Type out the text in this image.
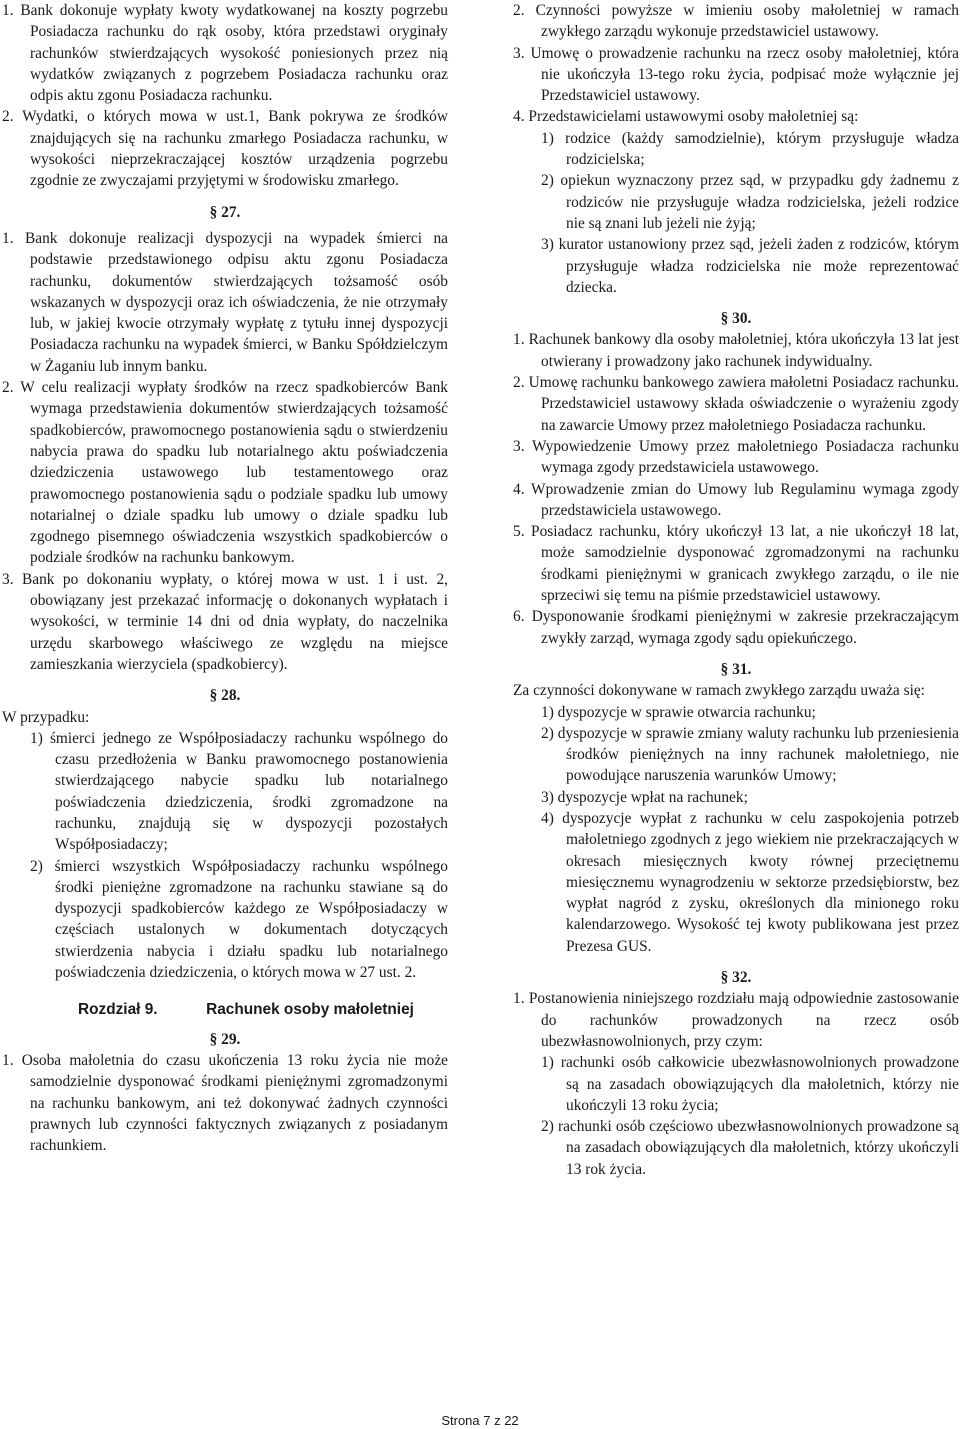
1. Bank dokonuje wypłaty kwoty wydatkowanej na koszty pogrzebu Posiadacza rachunku do rąk osoby, która przedstawi oryginały rachunków stwierdzających wysokość poniesionych przez nią wydatków związanych z pogrzebem Posiadacza rachunku oraz odpis aktu zgonu Posiadacza rachunku.

2. Wydatki, o których mowa w ust.1, Bank pokrywa ze środków znajdujących się na rachunku zmarłego Posiadacza rachunku, w wysokości nieprzekraczającej kosztów urządzenia pogrzebu zgodnie ze zwyczajami przyjętymi w środowisku zmarłego.

§ 27.

1. Bank dokonuje realizacji dyspozycji na wypadek śmierci na podstawie przedstawionego odpisu aktu zgonu Posiadacza rachunku, dokumentów stwierdzających tożsamość osób wskazanych w dyspozycji oraz ich oświadczenia, że nie otrzymały lub, w jakiej kwocie otrzymały wypłatę z tytułu innej dyspozycji Posiadacza rachunku na wypadek śmierci, w Banku Spółdzielczym w Żaganiu lub innym banku.

2. W celu realizacji wypłaty środków na rzecz spadkobierców Bank wymaga przedstawienia dokumentów stwierdzających tożsamość spadkobierców, prawomocnego postanowienia sądu o stwierdzeniu nabycia prawa do spadku lub notarialnego aktu poświadczenia dziedziczenia ustawowego lub testamentowego oraz prawomocnego postanowienia sądu o podziale spadku lub umowy notarialnej o dziale spadku lub umowy o dziale spadku lub zgodnego pisemnego oświadczenia wszystkich spadkobierców o podziale środków na rachunku bankowym.

3. Bank po dokonaniu wypłaty, o której mowa w ust. 1 i ust. 2, obowiązany jest przekazać informację o dokonanych wypłatach i wysokości, w terminie 14 dni od dnia wypłaty, do naczelnika urzędu skarbowego właściwego ze względu na miejsce zamieszkania wierzyciela (spadkobiercy).

§ 28.

W przypadku:

1) śmierci jednego ze Współposiadaczy rachunku wspólnego do czasu przedłożenia w Banku prawomocnego postanowienia stwierdzającego nabycie spadku lub notarialnego poświadczenia dziedziczenia, środki zgromadzone na rachunku, znajdują się w dyspozycji pozostałych Współposiadaczy;

2) śmierci wszystkich Współposiadaczy rachunku wspólnego środki pieniężne zgromadzone na rachunku stawiane są do dyspozycji spadkobierców każdego ze Współposiadaczy w częściach ustalonych w dokumentach dotyczących stwierdzenia nabycia i działu spadku lub notarialnego poświadczenia dziedziczenia, o których mowa w 27 ust. 2.

Rozdział 9.	Rachunek osoby małoletniej

§ 29.

1. Osoba małoletnia do czasu ukończenia 13 roku życia nie może samodzielnie dysponować środkami pieniężnymi zgromadzonymi na rachunku bankowym, ani też dokonywać żadnych czynności prawnych lub czynności faktycznych związanych z posiadanym rachunkiem.

2. Czynności powyższe w imieniu osoby małoletniej w ramach zwykłego zarządu wykonuje przedstawiciel ustawowy.

3. Umowę o prowadzenie rachunku na rzecz osoby małoletniej, która nie ukończyła 13-tego roku życia, podpisać może wyłącznie jej Przedstawiciel ustawowy.

4. Przedstawicielami ustawowymi osoby małoletniej są:

1) rodzice (każdy samodzielnie), którym przysługuje władza rodzicielska;

2) opiekun wyznaczony przez sąd, w przypadku gdy żadnemu z rodziców nie przysługuje władza rodzicielska, jeżeli rodzice nie są znani lub jeżeli nie żyją;

3) kurator ustanowiony przez sąd, jeżeli żaden z rodziców, którym przysługuje władza rodzicielska nie może reprezentować dziecka.

§ 30.

1. Rachunek bankowy dla osoby małoletniej, która ukończyła 13 lat jest otwierany i prowadzony jako rachunek indywidualny.

2. Umowę rachunku bankowego zawiera małoletni Posiadacz rachunku. Przedstawiciel ustawowy składa oświadczenie o wyrażeniu zgody na zawarcie Umowy przez małoletniego Posiadacza rachunku.

3. Wypowiedzenie Umowy przez małoletniego Posiadacza rachunku wymaga zgody przedstawiciela ustawowego.

4. Wprowadzenie zmian do Umowy lub Regulaminu wymaga zgody przedstawiciela ustawowego.

5. Posiadacz rachunku, który ukończył 13 lat, a nie ukończył 18 lat, może samodzielnie dysponować zgromadzonymi na rachunku środkami pieniężnymi w granicach zwykłego zarządu, o ile nie sprzeciwi się temu na piśmie przedstawiciel ustawowy.

6. Dysponowanie środkami pieniężnymi w zakresie przekraczającym zwykły zarząd, wymaga zgody sądu opiekuńczego.

§ 31.

Za czynności dokonywane w ramach zwykłego zarządu uważa się:

1) dyspozycje w sprawie otwarcia rachunku;

2) dyspozycje w sprawie zmiany waluty rachunku lub przeniesienia środków pieniężnych na inny rachunek małoletniego, nie powodujące naruszenia warunków Umowy;

3) dyspozycje wpłat na rachunek;

4) dyspozycje wypłat z rachunku w celu zaspokojenia potrzeb małoletniego zgodnych z jego wiekiem nie przekraczających w okresach miesięcznych kwoty równej przeciętnemu miesięcznemu wynagrodzeniu w sektorze przedsiębiorstw, bez wypłat nagród z zysku, określonych dla minionego roku kalendarzowego. Wysokość tej kwoty publikowana jest przez Prezesa GUS.

§ 32.

1. Postanowienia niniejszego rozdziału mają odpowiednie zastosowanie do rachunków prowadzonych na rzecz osób ubezwłasnowolnionych, przy czym:

1) rachunki osób całkowicie ubezwłasnowolnionych prowadzone są na zasadach obowiązujących dla małoletnich, którzy nie ukończyli 13 roku życia;

2) rachunki osób częściowo ubezwłasnowolnionych prowadzone są na zasadach obowiązujących dla małoletnich, którzy ukończyli 13 rok życia.

Strona 7 z 22
